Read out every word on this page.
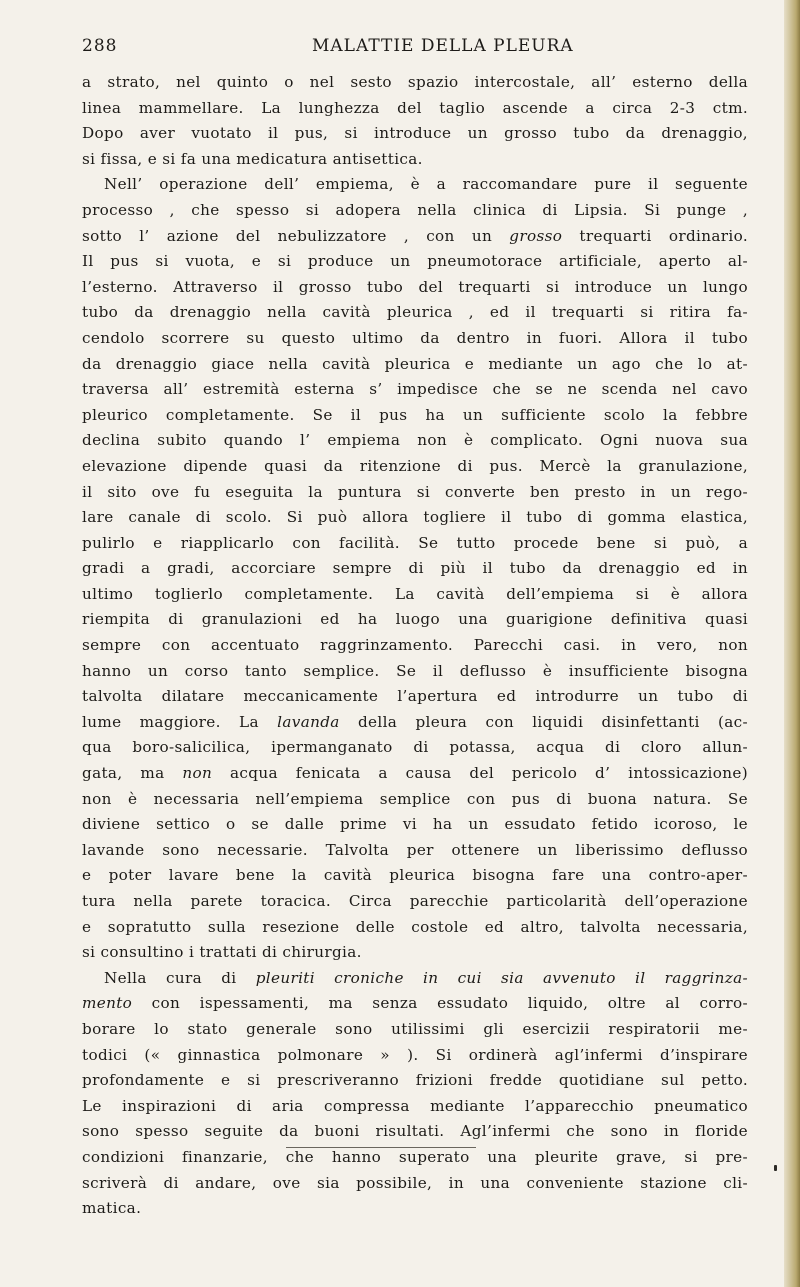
288	MALATTIE DELLA PLEURA
a strato, nel quinto o nel sesto spazio intercostale, all’ esterno della
linea mammellare. La lunghezza del taglio ascende a circa 2-3 ctm.
Dopo aver vuotato il pus, si introduce un grosso tubo da drenaggio,
si fissa, e si fa una medicatura antisettica.
Nell’ operazione dell’ empiema, è a raccomandare pure il seguente
processo , che spesso si adopera nella clinica di Lipsia. Si punge ,
sotto l’ azione del nebulizzatore , con un grosso trequarti ordinario.
Il pus si vuota, e si produce un pneumotorace artificiale, aperto al-
l’esterno. Attraverso il grosso tubo del trequarti si introduce un lungo
tubo da drenaggio nella cavità pleurica , ed il trequarti si ritira fa-
cendolo scorrere su questo ultimo da dentro in fuori. Allora il tubo
da drenaggio giace nella cavità pleurica e mediante un ago che lo at-
traversa all’ estremità esterna s’ impedisce che se ne scenda nel cavo
pleurico completamente. Se il pus ha un sufficiente scolo la febbre
declina subito quando l’ empiema non è complicato. Ogni nuova sua
elevazione dipende quasi da ritenzione di pus. Mercè la granulazione,
il sito ove fu eseguita la puntura si converte ben presto in un rego-
lare canale di scolo. Si può allora togliere il tubo di gomma elastica,
pulirlo e riapplicarlo con facilità. Se tutto procede bene si può, a
gradi a gradi, accorciare sempre di più il tubo da drenaggio ed in
ultimo toglierlo completamente. La cavità dell’empiema si è allora
riempita di granulazioni ed ha luogo una guarigione definitiva quasi
sempre con accentuato raggrinzamento. Parecchi casi. in vero, non
hanno un corso tanto semplice. Se il deflusso è insufficiente bisogna
talvolta dilatare meccanicamente l’apertura ed introdurre un tubo di
lume maggiore. La lavanda della pleura con liquidi disinfettanti (ac-
qua boro-salicilica, ipermanganato di potassa, acqua di cloro allun-
gata, ma non acqua fenicata a causa del pericolo d’ intossicazione)
non è necessaria nell’empiema semplice con pus di buona natura. Se
diviene settico o se dalle prime vi ha un essudato fetido icoroso, le
lavande sono necessarie. Talvolta per ottenere un liberissimo deflusso
e poter lavare bene la cavità pleurica bisogna fare una contro-aper-
tura nella parete toracica. Circa parecchie particolarità dell’operazione
e sopratutto sulla resezione delle costole ed altro, talvolta necessaria,
si consultino i trattati di chirurgia.
Nella cura di pleuriti croniche in cui sia avvenuto il raggrinza-
mento con ispessamenti, ma senza essudato liquido, oltre al corro-
borare lo stato generale sono utilissimi gli esercizii respiratorii me-
todici (« ginnastica polmonare » ). Si ordinerà agl’infermi d’inspirare
profondamente e si prescriveranno frizioni fredde quotidiane sul petto.
Le inspirazioni di aria compressa mediante l’apparecchio pneumatico
sono spesso seguite da buoni risultati. Agl’infermi che sono in floride
condizioni finanzarie, che hanno superato una pleurite grave, si pre-
scriverà di andare, ove sia possibile, in una conveniente stazione cli-
matica.
